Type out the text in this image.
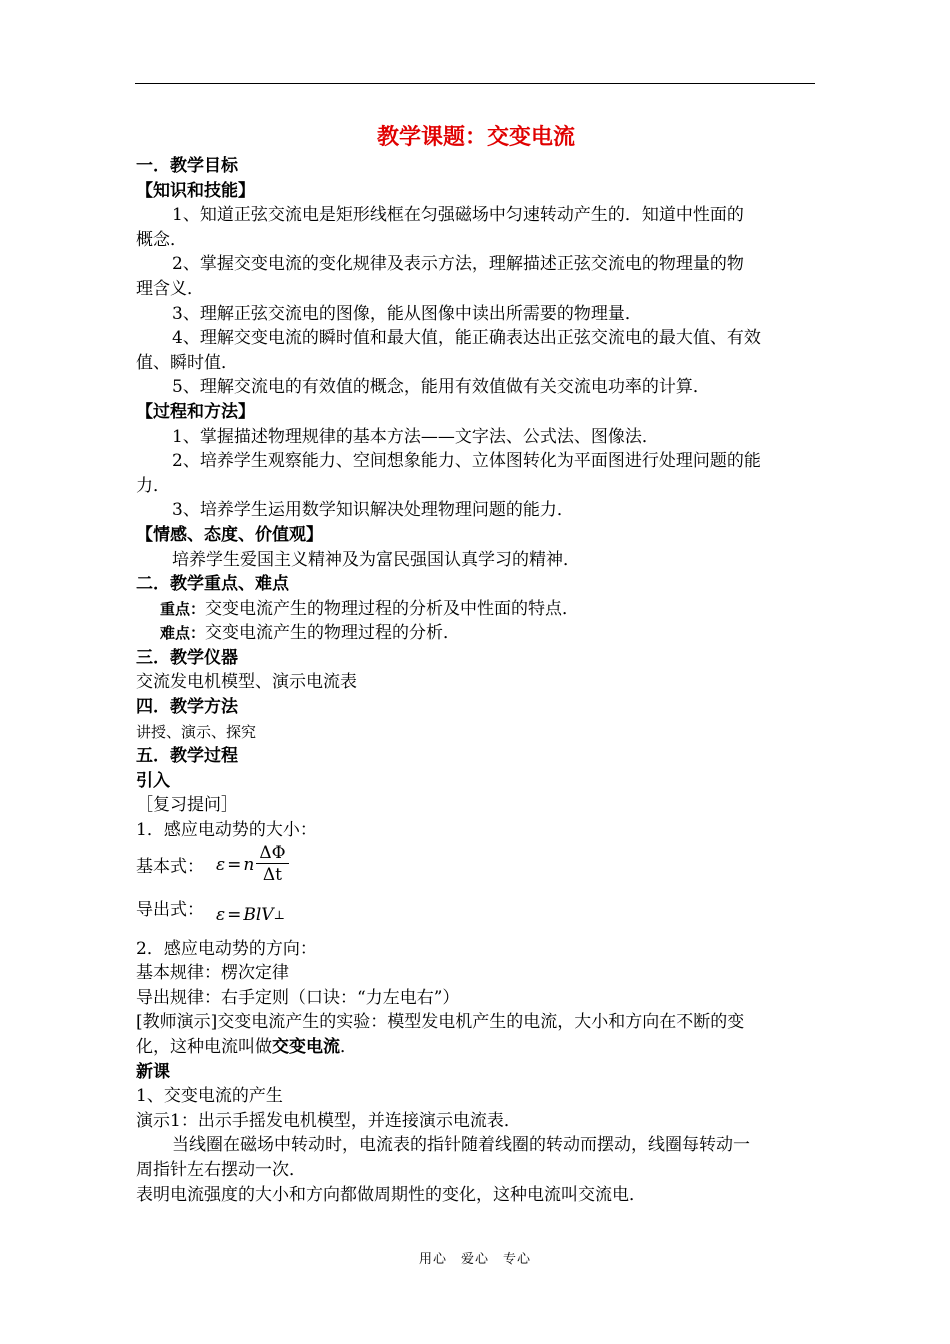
教学课题：交变电流

一．教学目标

【知识和技能】

1、知道正弦交流电是矩形线框在匀强磁场中匀速转动产生的．知道中性面的

概念．

2、掌握交变电流的变化规律及表示方法，理解描述正弦交流电的物理量的物

理含义．

3、理解正弦交流电的图像，能从图像中读出所需要的物理量．

4、理解交变电流的瞬时值和最大值，能正确表达出正弦交流电的最大值、有效

值、瞬时值．

5、理解交流电的有效值的概念，能用有效值做有关交流电功率的计算．

【过程和方法】

1、掌握描述物理规律的基本方法——文字法、公式法、图像法．

2、培养学生观察能力、空间想象能力、立体图转化为平面图进行处理问题的能

力．

3、培养学生运用数学知识解决处理物理问题的能力．

【情感、态度、价值观】

培养学生爱国主义精神及为富民强国认真学习的精神．

二．教学重点、难点

重点：交变电流产生的物理过程的分析及中性面的特点．

难点：交变电流产生的物理过程的分析．

三．教学仪器

交流发电机模型、演示电流表

四．教学方法

讲授、演示、探究

五．教学过程

引入

［复习提问］

1．感应电动势的大小：

基本式： ε = n $\frac{\Delta\Phi}{\Delta t}$
导出式： ε = BlV ⊥

2．感应电动势的方向：

基本规律：楞次定律

导出规律：右手定则（口诀：“力左电右”）

[教师演示]交变电流产生的实验：模型发电机产生的电流，大小和方向在不断的变

化，这种电流叫做交变电流．

新课

1、交变电流的产生

演示1：出示手摇发电机模型，并连接演示电流表．

当线圈在磁场中转动时，电流表的指针随着线圈的转动而摆动，线圈每转动一

周指针左右摆动一次．

表明电流强度的大小和方向都做周期性的变化，这种电流叫交流电．

用心　爱心　专心
